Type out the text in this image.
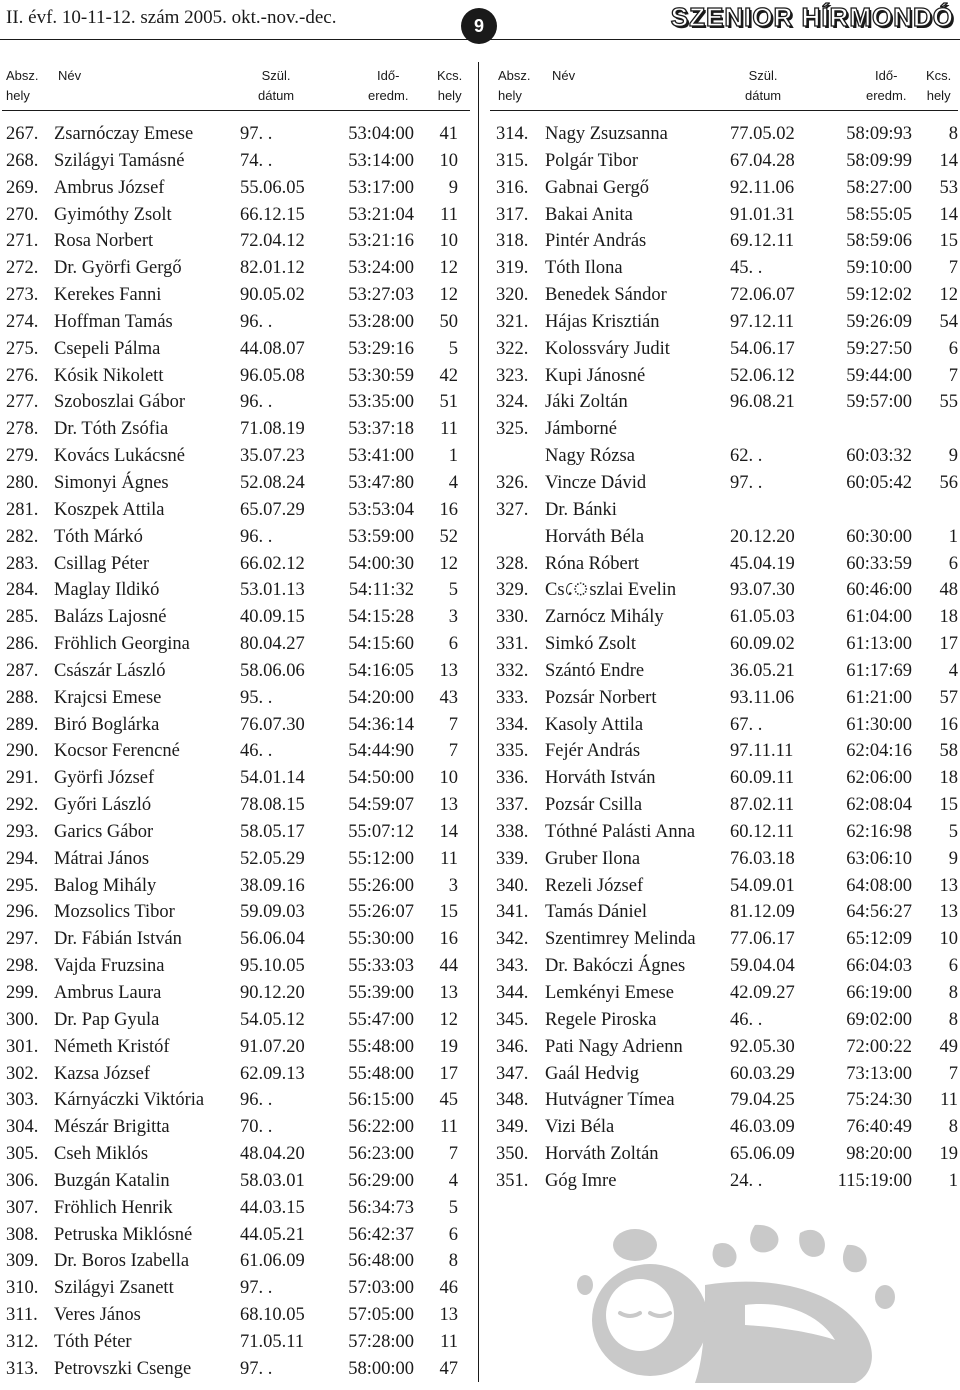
II. évf. 10-11-12. szám 2005. okt.-nov.-dec.	9	SZENIOR HÍRMONDÓ
Absz.
hely
Név	Szül.
dátum
Idő-
eredm.
Kcs.
hely
267. Zsarnóczay Emese	97. .	53:04:00 41
268. Szilágyi Tamásné	74. .	53:14:00 10
269. Ambrus József	55.06.05 53:17:00 9
270. Gyimóthy Zsolt	66.12.15 53:21:04 11
271. Rosa Norbert	72.04.12 53:21:16 10
272. Dr. Györfi Gergő	82.01.12 53:24:00 12
273. Kerekes Fanni	90.05.02 53:27:03 12
274. Hoffman Tamás	96. .	53:28:00 50
275. Csepeli Pálma	44.08.07 53:29:16 5
276. Kósik Nikolett	96.05.08 53:30:59 42
277. Szoboszlai Gábor	96. .	53:35:00 51
278. Dr. Tóth Zsófia	71.08.19 53:37:18 11
279. Kovács Lukácsné	35.07.23 53:41:00 1
280. Simonyi Ágnes	52.08.24 53:47:80 4
281. Koszpek Attila	65.07.29 53:53:04 16
282. Tóth Márkó	96. .	53:59:00 52
283. Csillag Péter	66.02.12 54:00:30 12
284. Maglay Ildikó	53.01.13 54:11:32 5
285. Balázs Lajosné	40.09.15 54:15:28 3
286. Fröhlich Georgina	80.04.27 54:15:60 6
287. Császár László	58.06.06 54:16:05 13
288. Krajcsi Emese	95. .	54:20:00 43
289. Biró Boglárka	76.07.30 54:36:14 7
290. Kocsor Ferencné	46. .	54:44:90 7
291. Györfi József	54.01.14 54:50:00 10
292. Győri László	78.08.15 54:59:07 13
293. Garics Gábor	58.05.17 55:07:12 14
294. Mátrai János	52.05.29 55:12:00 11
295. Balog Mihály	38.09.16 55:26:00 3
296. Mozsolics Tibor	59.09.03 55:26:07 15
297. Dr. Fábián István	56.06.04 55:30:00 16
298. Vajda Fruzsina	95.10.05 55:33:03 44
299. Ambrus Laura	90.12.20 55:39:00 13
300. Dr. Pap Gyula	54.05.12 55:47:00 12
301. Németh Kristóf	91.07.20 55:48:00 19
302. Kazsa József	62.09.13 55:48:00 17
303. Kárnyáczki Viktória 96. .	56:15:00 45
304. Mészár Brigitta	70. .	56:22:00 11
305. Cseh Miklós	48.04.20 56:23:00 7
306. Buzgán Katalin	58.03.01 56:29:00 4
307. Fröhlich Henrik	44.03.15 56:34:73 5
308. Petruska Miklósné	44.05.21 56:42:37 6
309. Dr. Boros Izabella	61.06.09 56:48:00 8
310. Szilágyi Zsanett	97. .	57:03:00 46
311. Veres János	68.10.05 57:05:00 13
312. Tóth Péter	71.05.11 57:28:00 11
313. Petrovszki Csenge	97. .	58:00:00 47
Absz.
hely
Név	Szül.
dátum
Idő-
eredm.
Kcs.
hely
314. Nagy Zsuzsanna	77.05.02	58:09:93 8
315. Polgár Tibor	67.04.28	58:09:99 14
316. Gabnai Gergő	92.11.06	58:27:00 53
317. Bakai Anita	91.01.31	58:55:05 14
318. Pintér András	69.12.11	58:59:06 15
319. Tóth Ilona	45. .	59:10:00 7
320. Benedek Sándor	72.06.07	59:12:02 12
321. Hájas Krisztián	97.12.11	59:26:09 54
322. Kolossváry Judit	54.06.17	59:27:50 6
323. Kupi Jánosné	52.06.12	59:44:00 7
324. Jáki Zoltán	96.08.21	59:57:00 55
325. Jámborné
Nagy Rózsa	62. .	60:03:32 9
326. Vincze Dávid	97. .	60:05:42 56
327. Dr. Bánki
Horváth Béla	20.12.20	60:30:00 1
328. Róna Róbert	45.04.19	60:33:59 6
329. Csেszlai Evelin	93.07.30	60:46:00 48
330. Zarnócz Mihály	61.05.03	61:04:00 18
331. Simkó Zsolt	60.09.02	61:13:00 17
332. Szántó Endre	36.05.21	61:17:69 4
333. Pozsár Norbert	93.11.06	61:21:00 57
334. Kasoly Attila	67. .	61:30:00 16
335. Fejér András	97.11.11	62:04:16 58
336. Horváth István	60.09.11	62:06:00 18
337. Pozsár Csilla	87.02.11	62:08:04 15
338. Tóthné Palásti Anna 60.12.11	62:16:98 5
339. Gruber Ilona	76.03.18	63:06:10 9
340. Rezeli József	54.09.01	64:08:00 13
341. Tamás Dániel	81.12.09	64:56:27 13
342. Szentimrey Melinda 77.06.17	65:12:09 10
343. Dr. Bakóczi Ágnes 59.04.04	66:04:03 6
344. Lemkényi Emese	42.09.27	66:19:00 8
345. Regele Piroska	46. .	69:02:00 8
346. Pati Nagy Adrienn	92.05.30	72:00:22 49
347. Gaál Hedvig	60.03.29	73:13:00 7
348. Hutvágner Tímea	79.04.25	75:24:30 11
349. Vizi Béla	46.03.09	76:40:49 8
350. Horváth Zoltán	65.06.09	98:20:00 19
351. Góg Imre	24. .	115:19:00 1
